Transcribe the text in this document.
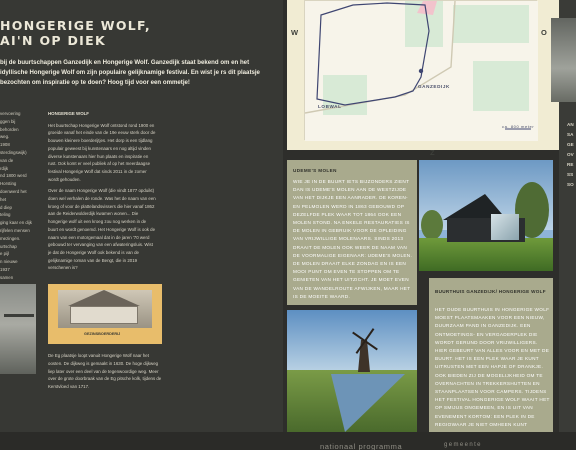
HONGERIGE WOLF,
AI'N OP DIEK
bij de buurtschappen Ganzedijk en Hongerige Wolf. Ganzedijk staat bekend om en het idyllische Hongerige Wolf om zijn populaire gelijknamige festival. En wist je rs dit plaatsje bezochten om inspiratie op te doen? Hoog tijd voor een ommetje!
vervoering
ggen bij
behorden
weg.
1908
sterdingswijk)
van de
rdijk
nd 1800 werd
Horsting
doenwerd het
het
d diep
teling
ging kaar en dijk
rijfelen mensen
mezingen.
urtschap
e pijl
n nieuwe
1937
samen

HONGERIGE WOLF

Het buurtschap Hongerige Wolf ontstond rond 1900 en groeide vanaf het einde van de 19e eeuw sterk door de bouwen kleinere boerderijtjes. Het dorp is een tijdlang populair geweest bij kunstenaars en nog altijd vinden diverse kunstenaars hier hun plaats en inspiratie en rust. Ook komt er veel publiek af op het meerdaagse festival Hongerige Wolf dat sinds 2011 in de zomer wordt gehouden.

Over de naam Hongerige Wolf (die vindt 1877 opduikt) doen wel verhalen de ronde. Was het de naam van een kroeg of voor de plattelandsvissers die hier vanaf 1862 aan de Reiderwolderdijk kwamen wonen... Die hongerige wolf uit een kroeg zou nog werken in de buurt en wordt genoemd. Het Hongerige Wolf is ook de naam van een motorgemaal dat in de jaren '70 werd gebouwd ter vervanging van een afwateringsluis. Wist je dat de Hongerige Wolf ook bekend is van de gelijknamige roman van de Bengt, die in 2019 verschenen is?

GEZINSBOERDERIJ
De Eg plaatsje loopt vanuit Hongerige Wolf naar het oosten. De dijkweg is gemaakt in 1630. De hoge dijkweg liep later over een deel van de tegenwoordige weg. Meer over de grote doorbraak van de Eg pitsche kolk, tijdens de Kerstvloed van 1717.
W	O
Z
GANZEDIJK
LOBWAL
ca. 800 meter	AN
SA
GE
OV
RE
SS
SO
UDEME'S MOLEN
WIE JE IN DE BUURT IETS BIJZONDERS ZIENT DAN IS UDEME'S MOLEN AAN DE WESTZIJDE VAN HET DIJKJE EEN AANRADER. DE KOREN- EN PELMOLEN WERD IN 1863 GEBOUWD OP DEZELFDE PLEK WAAR TOT 1864 OOK EEN MOLEN STOND. NA ENKELE RESTAURATIES IS DE MOLEN IN GEBRUIK VOOR DE OPLEIDING VAN VRIJWILLIGE MOLENAARS. SINDS 2013 DRAAIT DE MOLEN OOK WEER DE NAAM VAN DE VOORMALIGE EIGENAAR: UDEME'S MOLEN. DE MOLEN DRAAIT ELKE ZONDAG EN IS EEN MOOI PUNT OM EVEN TE STOPPEN OM TE GENIETEN VAN HET UITZICHT. JE MOET EVEN VAN DE WANDELROUTE AFWIJKEN, MAAR HET IS DE MOEITE WAARD.
BUURTHUIS GANZEDIJK/ HONGERIGE WOLF
HET OUDE BUURTHUIS IN HONGERIGE WOLF MOEST PLAATSMAAKEN VOOR EEN NIEUW, DUURZAAM PAND IN GANZEDIJK. EEN ONTMOETINGS- EN VERGADERPLEK DIE WORDT GERUND DOOR VRIJWILLIGERS. HIER GEBEURT VAN ALLES VOOR EN MET DE BUURT. HET IS EEN PLEK WAAR JE KUNT UITRUSTEN MET EEN HAPJE OF DRANKJE. OOK BIEDEN ZIJ DE MOGELIJKHEID OM TE OVERNACHTEN IN TREKKERSHUTTEN EN STAANPLAATSEN VOOR CAMPERS. TIJDENS HET FESTIVAL HONGERIGE WOLF WAAIT HET OP SMIJUS ONGEMEEN, EN IS UIT VAN EVENEMENT KORTOM: EEN PLEK IN DE REGIOWAAR JE NIET OMHEEN KUNT
nationaal programma	gemeente
